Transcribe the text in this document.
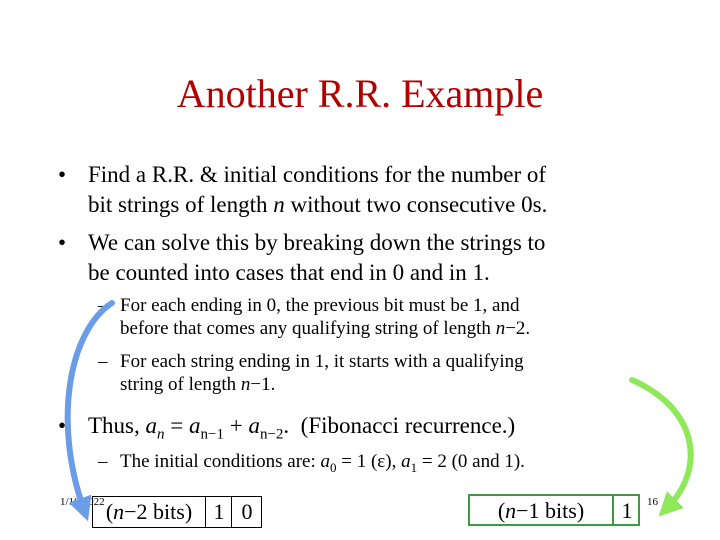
Another R.R. Example
• Find a R.R. & initial conditions for the number of
bit strings of length n without two consecutive 0s.
• We can solve this by breaking down the strings to
be counted into cases that end in 0 and in 1.
– For each ending in 0, the previous bit must be 1, and
before that comes any qualifying string of length n−2.
– For each string ending in 1, it starts with a qualifying
string of length n−1.
• Thus, $a_n = a_{n-1} + a_{n-2}$. (Fibonacci recurrence.)
– The initial conditions are: $a_0 = 1$ (ε), $a_1 = 2$ (0 and 1).
(n−2 bits) 1 0	(n−1 bits)	1
1/10/2022	16
